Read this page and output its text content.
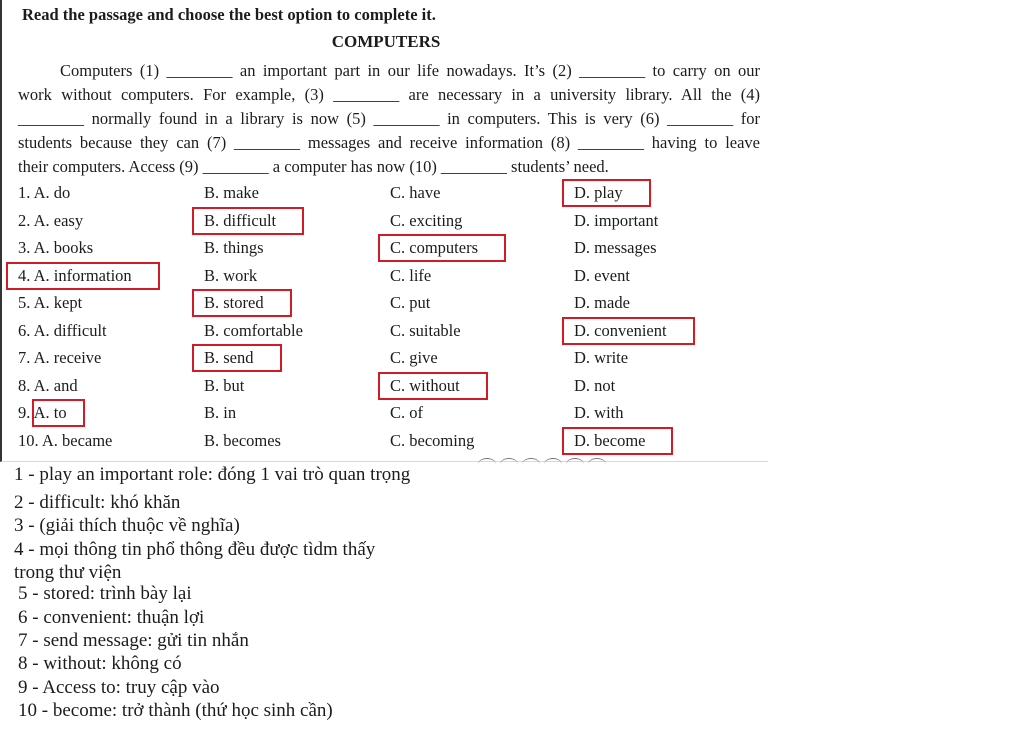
Read the passage and choose the best option to complete it.
COMPUTERS
Computers (1) ________ an important part in our life nowadays. It’s (2) ________ to carry on our
work without computers. For example, (3) ________ are necessary in a university library. All the (4)
________ normally found in a library is now (5) ________ in computers. This is very (6) ________ for
students because they can (7) ________ messages and receive information (8) ________ having to leave
their computers. Access (9) ________ a computer has now (10) ________ students’ need.
1. A. do	B. make	C. have	D. play
2. A. easy	B. difficult	C. exciting	D. important
3. A. books	B. things	C. computers	D. messages
4. A. information	B. work	C. life	D. event
5. A. kept	B. stored	C. put	D. made
6. A. difficult	B. comfortable	C. suitable	D. convenient
7. A. receive	B. send	C. give	D. write
8. A. and	B. but	C. without	D. not
9. A. to	B. in	C. of	D. with
10. A. became	B. becomes	C. becoming	D. become
1 - play an important role: đóng 1 vai trò quan trọng
2 - difficult: khó khăn
3 - (giải thích thuộc về nghĩa)
4 - mọi thông tin phổ thông đều được tìdm thấy
trong thư viện
5 - stored: trình bày lại
6 - convenient: thuận lợi
7 - send message: gửi tin nhắn
8 - without: không có
9 - Access to: truy cập vào
10 - become: trở thành (thứ học sinh cần)
